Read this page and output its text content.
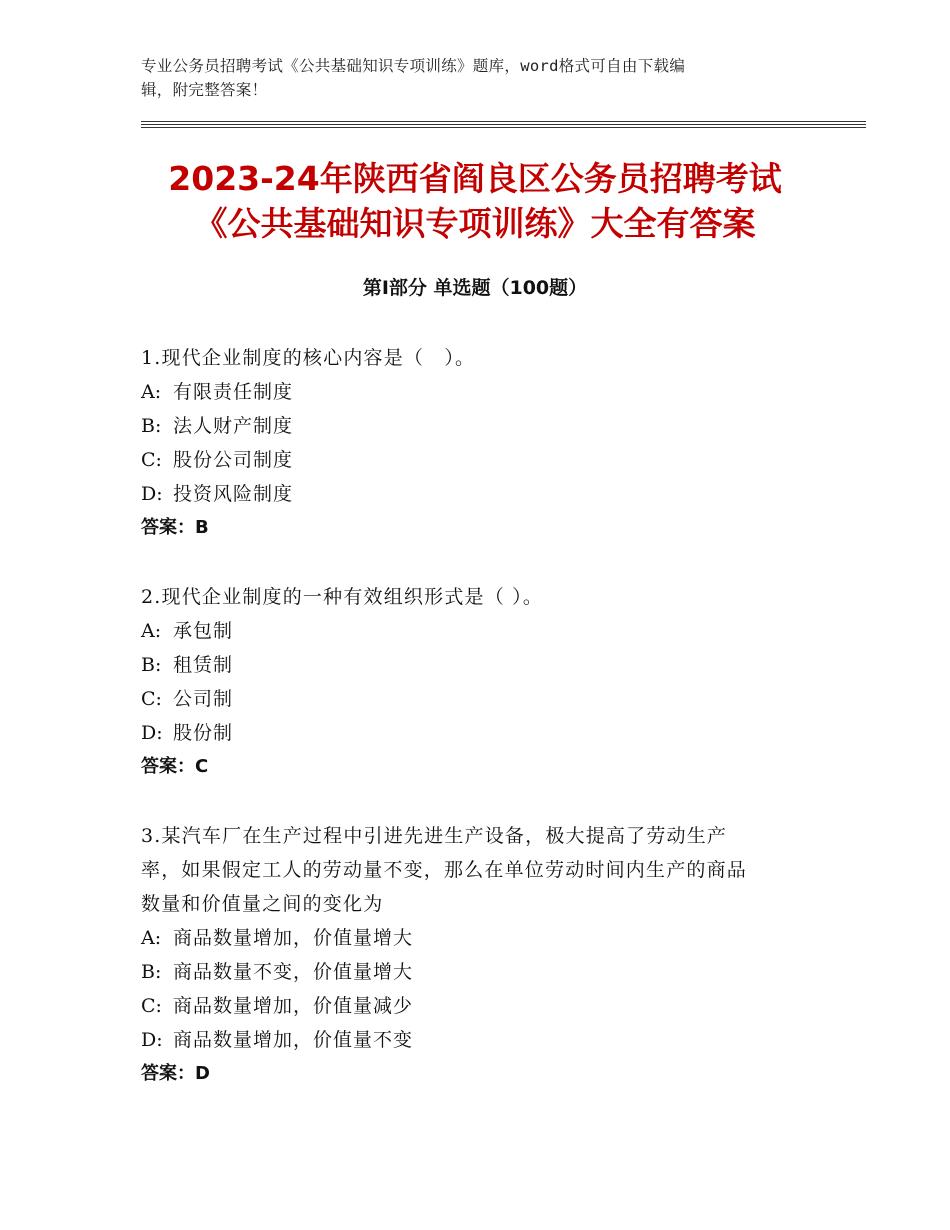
专业公务员招聘考试《公共基础知识专项训练》题库，word格式可自由下载编
辑，附完整答案！
2023-24年陕西省阎良区公务员招聘考试
《公共基础知识专项训练》大全有答案
第Ⅰ部分 单选题（100题）
1.现代企业制度的核心内容是（　）。
A: 有限责任制度
B: 法人财产制度
C: 股份公司制度
D: 投资风险制度
答案：B
2.现代企业制度的一种有效组织形式是（ ）。
A: 承包制
B: 租赁制
C: 公司制
D: 股份制
答案：C
3.某汽车厂在生产过程中引进先进生产设备，极大提高了劳动生产
率，如果假定工人的劳动量不变，那么在单位劳动时间内生产的商品
数量和价值量之间的变化为
A: 商品数量增加，价值量增大
B: 商品数量不变，价值量增大
C: 商品数量增加，价值量减少
D: 商品数量增加，价值量不变
答案：D
